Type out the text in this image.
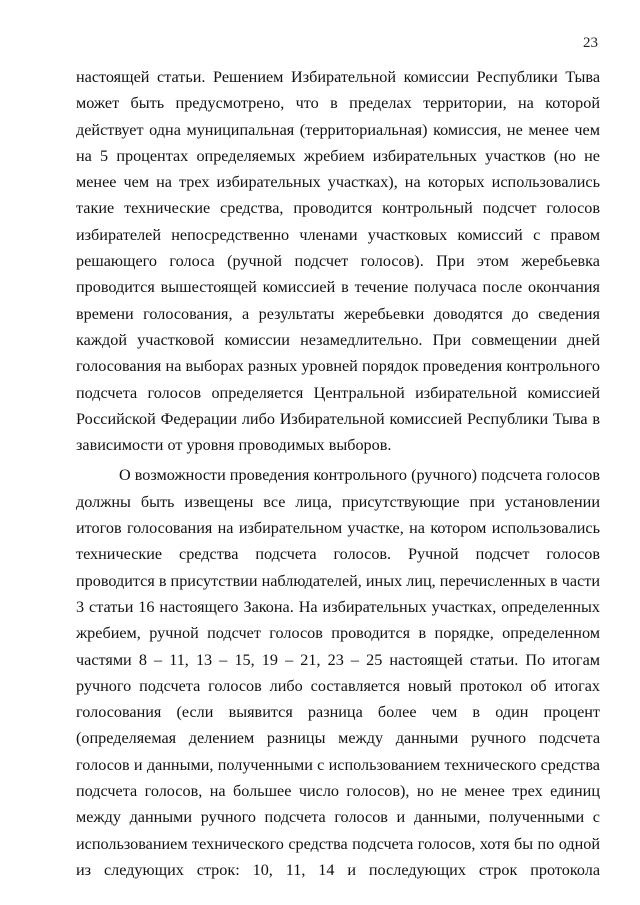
23

настоящей статьи. Решением Избирательной комиссии Республики Тыва может быть предусмотрено, что в пределах территории, на которой действует одна муниципальная (территориальная) комиссия, не менее чем на 5 процентах определяемых жребием избирательных участков (но не менее чем на трех избирательных участках), на которых использовались такие технические средства, проводится контрольный подсчет голосов избирателей непосредственно членами участковых комиссий с правом решающего голоса (ручной подсчет голосов). При этом жеребьевка проводится вышестоящей комиссией в течение получаса после окончания времени голосования, а результаты жеребьевки доводятся до сведения каждой участковой комиссии незамедлительно. При совмещении дней голосования на выборах разных уровней порядок проведения контрольного подсчета голосов определяется Центральной избирательной комиссией Российской Федерации либо Избирательной комиссией Республики Тыва в зависимости от уровня проводимых выборов.

О возможности проведения контрольного (ручного) подсчета голосов должны быть извещены все лица, присутствующие при установлении итогов голосования на избирательном участке, на котором использовались технические средства подсчета голосов. Ручной подсчет голосов проводится в присутствии наблюдателей, иных лиц, перечисленных в части 3 статьи 16 настоящего Закона. На избирательных участках, определенных жребием, ручной подсчет голосов проводится в порядке, определенном частями 8 – 11, 13 – 15, 19 – 21, 23 – 25 настоящей статьи. По итогам ручного подсчета голосов либо составляется новый протокол об итогах голосования (если выявится разница более чем в один процент (определяемая делением разницы между данными ручного подсчета голосов и данными, полученными с использованием технического средства подсчета голосов, на большее число голосов), но не менее трех единиц между данными ручного подсчета голосов и данными, полученными с использованием технического средства подсчета голосов, хотя бы по одной из следующих строк: 10, 11, 14 и последующих строк протокола
